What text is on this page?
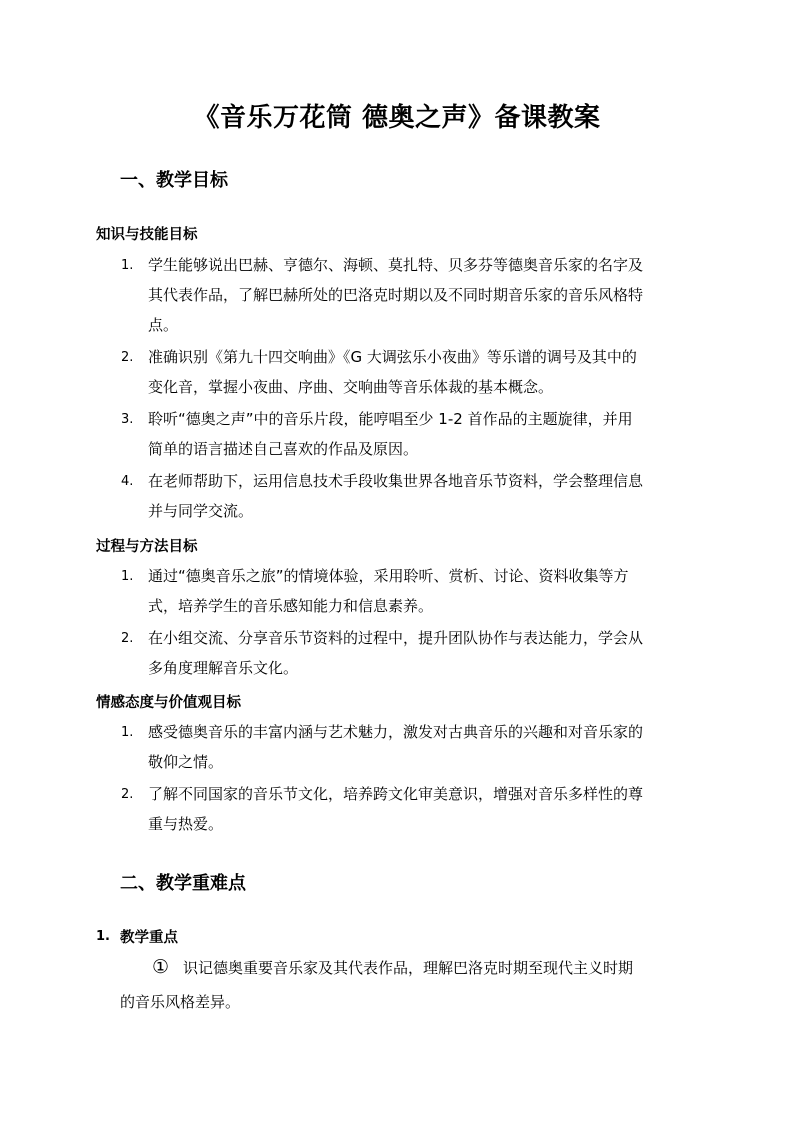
《音乐万花筒 德奥之声》备课教案
一、教学目标
知识与技能目标
1. 学生能够说出巴赫、亨德尔、海顿、莫扎特、贝多芬等德奥音乐家的名字及
其代表作品，了解巴赫所处的巴洛克时期以及不同时期音乐家的音乐风格特
点。
2. 准确识别《第九十四交响曲》《G 大调弦乐小夜曲》等乐谱的调号及其中的
变化音，掌握小夜曲、序曲、交响曲等音乐体裁的基本概念。
3. 聆听“德奥之声”中的音乐片段，能哼唱至少 1-2 首作品的主题旋律，并用
简单的语言描述自己喜欢的作品及原因。
4. 在老师帮助下，运用信息技术手段收集世界各地音乐节资料，学会整理信息
并与同学交流。
过程与方法目标
1. 通过“德奥音乐之旅”的情境体验，采用聆听、赏析、讨论、资料收集等方
式，培养学生的音乐感知能力和信息素养。
2. 在小组交流、分享音乐节资料的过程中，提升团队协作与表达能力，学会从
多角度理解音乐文化。
情感态度与价值观目标
1. 感受德奥音乐的丰富内涵与艺术魅力，激发对古典音乐的兴趣和对音乐家的
敬仰之情。
2. 了解不同国家的音乐节文化，培养跨文化审美意识，增强对音乐多样性的尊
重与热爱。
二、教学重难点
1. 教学重点
① 识记德奥重要音乐家及其代表作品，理解巴洛克时期至现代主义时期
的音乐风格差异。
